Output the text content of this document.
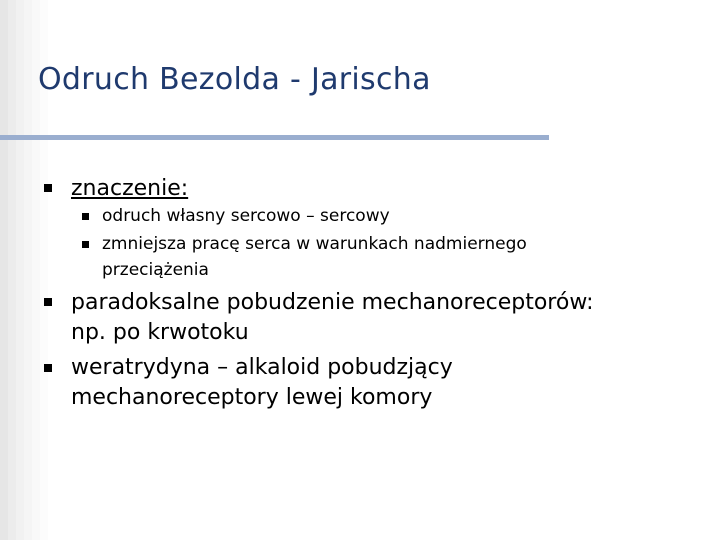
Odruch Bezolda - Jarischa
znaczenie:
odruch własny sercowo – sercowy
zmniejsza pracę serca w warunkach nadmiernego
przeciążenia
paradoksalne pobudzenie mechanoreceptorów:
np. po krwotoku
weratrydyna – alkaloid pobudzjący
mechanoreceptory lewej komory
